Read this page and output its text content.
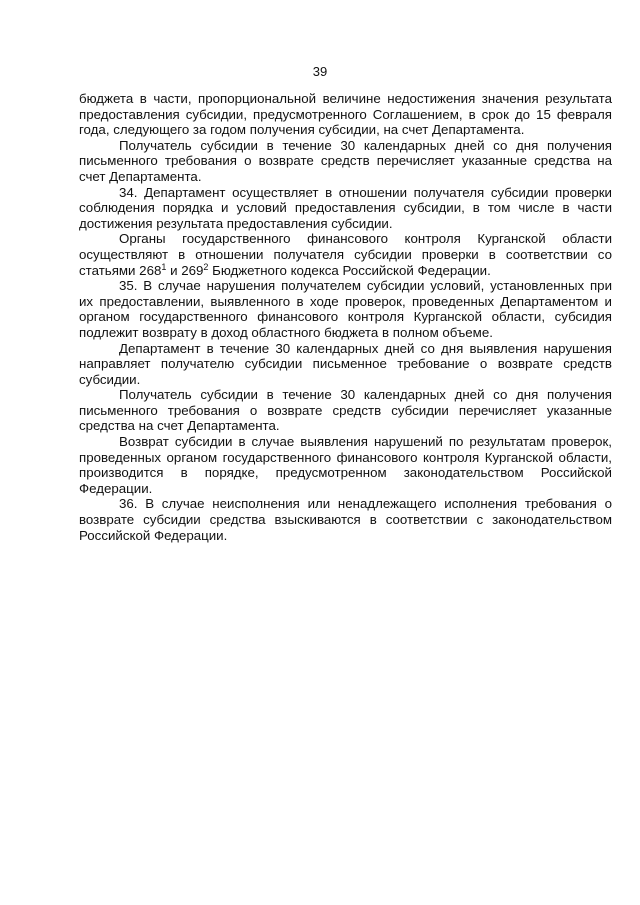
39

бюджета в части, пропорциональной величине недостижения значения результата предоставления субсидии, предусмотренного Соглашением, в срок до 15 февраля года, следующего за годом получения субсидии, на счет Департамента.

Получатель субсидии в течение 30 календарных дней со дня получения письменного требования о возврате средств перечисляет указанные средства на счет Департамента.

34. Департамент осуществляет в отношении получателя субсидии проверки соблюдения порядка и условий предоставления субсидии, в том числе в части достижения результата предоставления субсидии.

Органы государственного финансового контроля Курганской области осуществляют в отношении получателя субсидии проверки в соответствии со статьями $268^1$ и $269^2$ Бюджетного кодекса Российской Федерации.

35. В случае нарушения получателем субсидии условий, установленных при их предоставлении, выявленного в ходе проверок, проведенных Департаментом и органом государственного финансового контроля Курганской области, субсидия подлежит возврату в доход областного бюджета в полном объеме.

Департамент в течение 30 календарных дней со дня выявления нарушения направляет получателю субсидии письменное требование о возврате средств субсидии.

Получатель субсидии в течение 30 календарных дней со дня получения письменного требования о возврате средств субсидии перечисляет указанные средства на счет Департамента.

Возврат субсидии в случае выявления нарушений по результатам проверок, проведенных органом государственного финансового контроля Курганской области, производится в порядке, предусмотренном законодательством Российской Федерации.

36. В случае неисполнения или ненадлежащего исполнения требования о возврате субсидии средства взыскиваются в соответствии с законодательством Российской Федерации.
